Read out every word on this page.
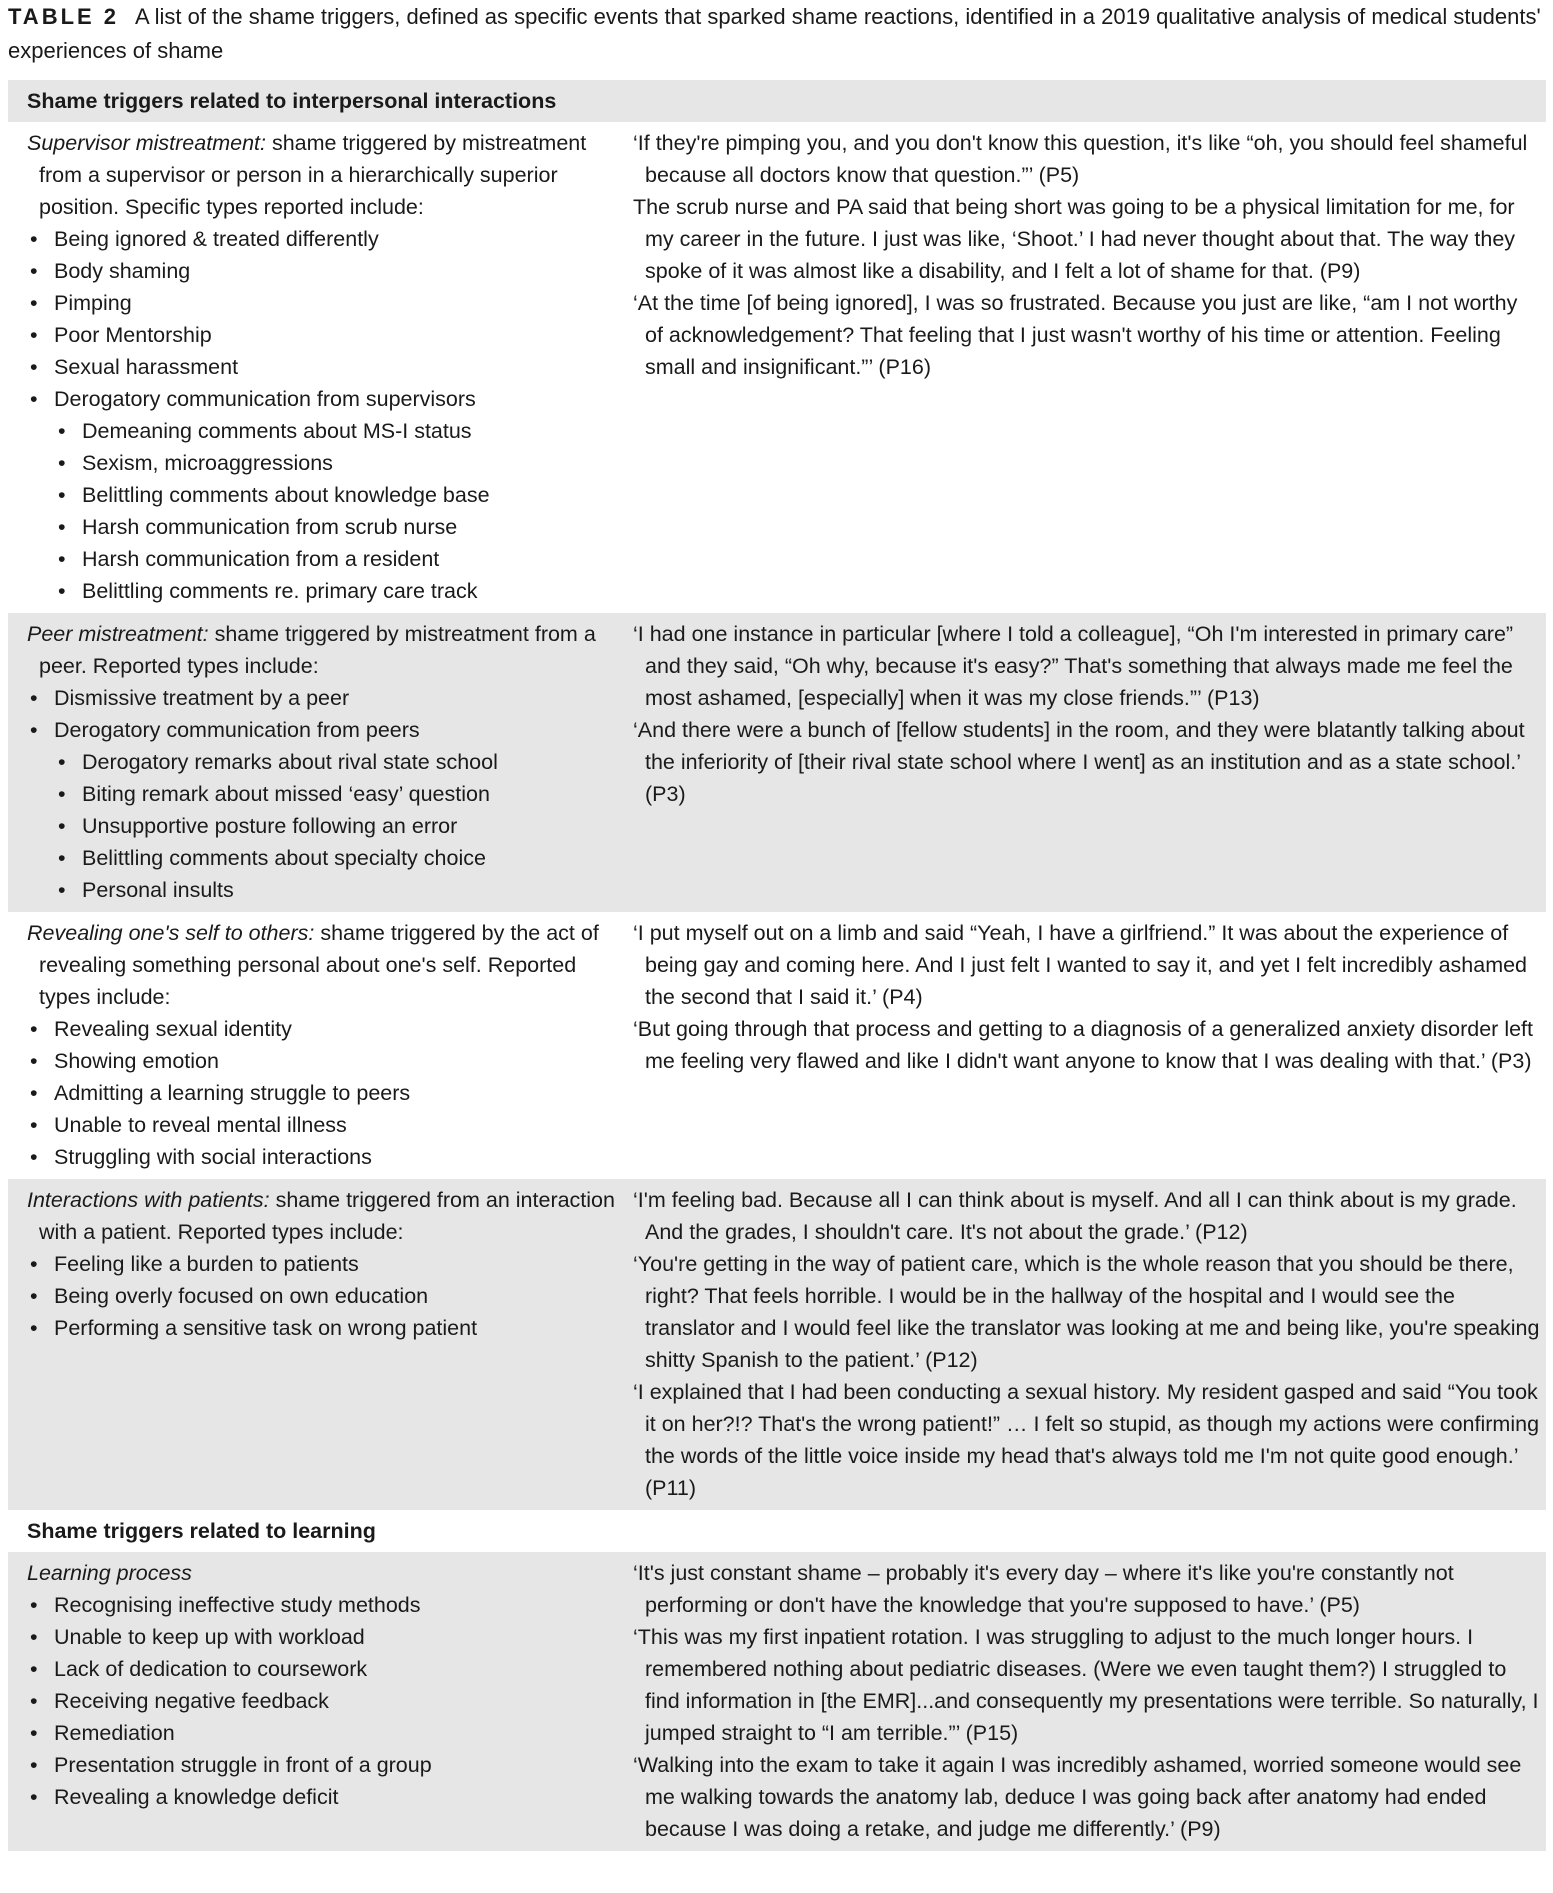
TABLE 2 A list of the shame triggers, defined as specific events that sparked shame reactions, identified in a 2019 qualitative analysis of medical students' experiences of shame
Shame triggers related to interpersonal interactions
Supervisor mistreatment: shame triggered by mistreatment from a supervisor or person in a hierarchically superior position. Specific types reported include:
• Being ignored & treated differently
• Body shaming
• Pimping
• Poor Mentorship
• Sexual harassment
• Derogatory communication from supervisors
• Demeaning comments about MS-I status
• Sexism, microaggressions
• Belittling comments about knowledge base
• Harsh communication from scrub nurse
• Harsh communication from a resident
• Belittling comments re. primary care track
‘If they're pimping you, and you don't know this question, it's like “oh, you should feel shameful because all doctors know that question.”’ (P5)
The scrub nurse and PA said that being short was going to be a physical limitation for me, for my career in the future. I just was like, ‘Shoot.’ I had never thought about that. The way they spoke of it was almost like a disability, and I felt a lot of shame for that. (P9)
‘At the time [of being ignored], I was so frustrated. Because you just are like, “am I not worthy of acknowledgement? That feeling that I just wasn't worthy of his time or attention. Feeling small and insignificant.”’ (P16)
Peer mistreatment: shame triggered by mistreatment from a peer. Reported types include:
• Dismissive treatment by a peer
• Derogatory communication from peers
• Derogatory remarks about rival state school
• Biting remark about missed ‘easy’ question
• Unsupportive posture following an error
• Belittling comments about specialty choice
• Personal insults
‘I had one instance in particular [where I told a colleague], “Oh I'm interested in primary care” and they said, “Oh why, because it's easy?” That's something that always made me feel the most ashamed, [especially] when it was my close friends.”’ (P13)
‘And there were a bunch of [fellow students] in the room, and they were blatantly talking about the inferiority of [their rival state school where I went] as an institution and as a state school.’ (P3)
Revealing one's self to others: shame triggered by the act of revealing something personal about one's self. Reported types include:
• Revealing sexual identity
• Showing emotion
• Admitting a learning struggle to peers
• Unable to reveal mental illness
• Struggling with social interactions
‘I put myself out on a limb and said “Yeah, I have a girlfriend.” It was about the experience of being gay and coming here. And I just felt I wanted to say it, and yet I felt incredibly ashamed the second that I said it.’ (P4)
‘But going through that process and getting to a diagnosis of a generalized anxiety disorder left me feeling very flawed and like I didn't want anyone to know that I was dealing with that.’ (P3)
Interactions with patients: shame triggered from an interaction with a patient. Reported types include:
• Feeling like a burden to patients
• Being overly focused on own education
• Performing a sensitive task on wrong patient
‘I'm feeling bad. Because all I can think about is myself. And all I can think about is my grade. And the grades, I shouldn't care. It's not about the grade.’ (P12)
‘You're getting in the way of patient care, which is the whole reason that you should be there, right? That feels horrible. I would be in the hallway of the hospital and I would see the translator and I would feel like the translator was looking at me and being like, you're speaking shitty Spanish to the patient.’ (P12)
‘I explained that I had been conducting a sexual history. My resident gasped and said “You took it on her?!? That's the wrong patient!” … I felt so stupid, as though my actions were confirming the words of the little voice inside my head that's always told me I'm not quite good enough.’ (P11)
Shame triggers related to learning
Learning process
• Recognising ineffective study methods
• Unable to keep up with workload
• Lack of dedication to coursework
• Receiving negative feedback
• Remediation
• Presentation struggle in front of a group
• Revealing a knowledge deficit
‘It's just constant shame – probably it's every day – where it's like you're constantly not performing or don't have the knowledge that you're supposed to have.’ (P5)
‘This was my first inpatient rotation. I was struggling to adjust to the much longer hours. I remembered nothing about pediatric diseases. (Were we even taught them?) I struggled to find information in [the EMR]...and consequently my presentations were terrible. So naturally, I jumped straight to “I am terrible.”’ (P15)
‘Walking into the exam to take it again I was incredibly ashamed, worried someone would see me walking towards the anatomy lab, deduce I was going back after anatomy had ended because I was doing a retake, and judge me differently.’ (P9)
